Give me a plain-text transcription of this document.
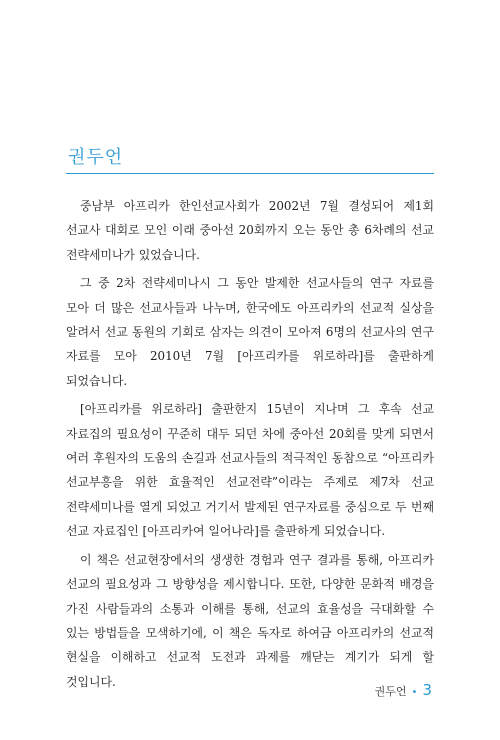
권두언

중남부 아프리카 한인선교사회가 2002년 7월 결성되어 제1회 선교사 대회로 모인 이래 중아선 20회까지 오는 동안 총 6차례의 선교 전략세미나가 있었습니다.

그 중 2차 전략세미나시 그 동안 발제한 선교사들의 연구 자료를 모아 더 많은 선교사들과 나누며, 한국에도 아프리카의 선교적 실상을 알려서 선교 동원의 기회로 삼자는 의견이 모아져 6명의 선교사의 연구 자료를 모아 2010년 7월 [아프리카를 위로하라]를 출판하게 되었습니다.

[아프리카를 위로하라] 출판한지 15년이 지나며 그 후속 선교 자료집의 필요성이 꾸준히 대두 되던 차에 중아선 20회를 맞게 되면서 여러 후원자의 도움의 손길과 선교사들의 적극적인 동참으로 “아프리카 선교부흥을 위한 효율적인 선교전략”이라는 주제로 제7차 선교 전략세미나를 열게 되었고 거기서 발제된 연구자료를 중심으로 두 번째 선교 자료집인 [아프리카여 일어나라]를 출판하게 되었습니다.

이 책은 선교현장에서의 생생한 경험과 연구 결과를 통해, 아프리카 선교의 필요성과 그 방향성을 제시합니다. 또한, 다양한 문화적 배경을 가진 사람들과의 소통과 이해를 통해, 선교의 효율성을 극대화할 수 있는 방법들을 모색하기에, 이 책은 독자로 하여금 아프리카의 선교적 현실을 이해하고 선교적 도전과 과제를 깨닫는 계기가 되게 할 것입니다.

권두언 • 3
